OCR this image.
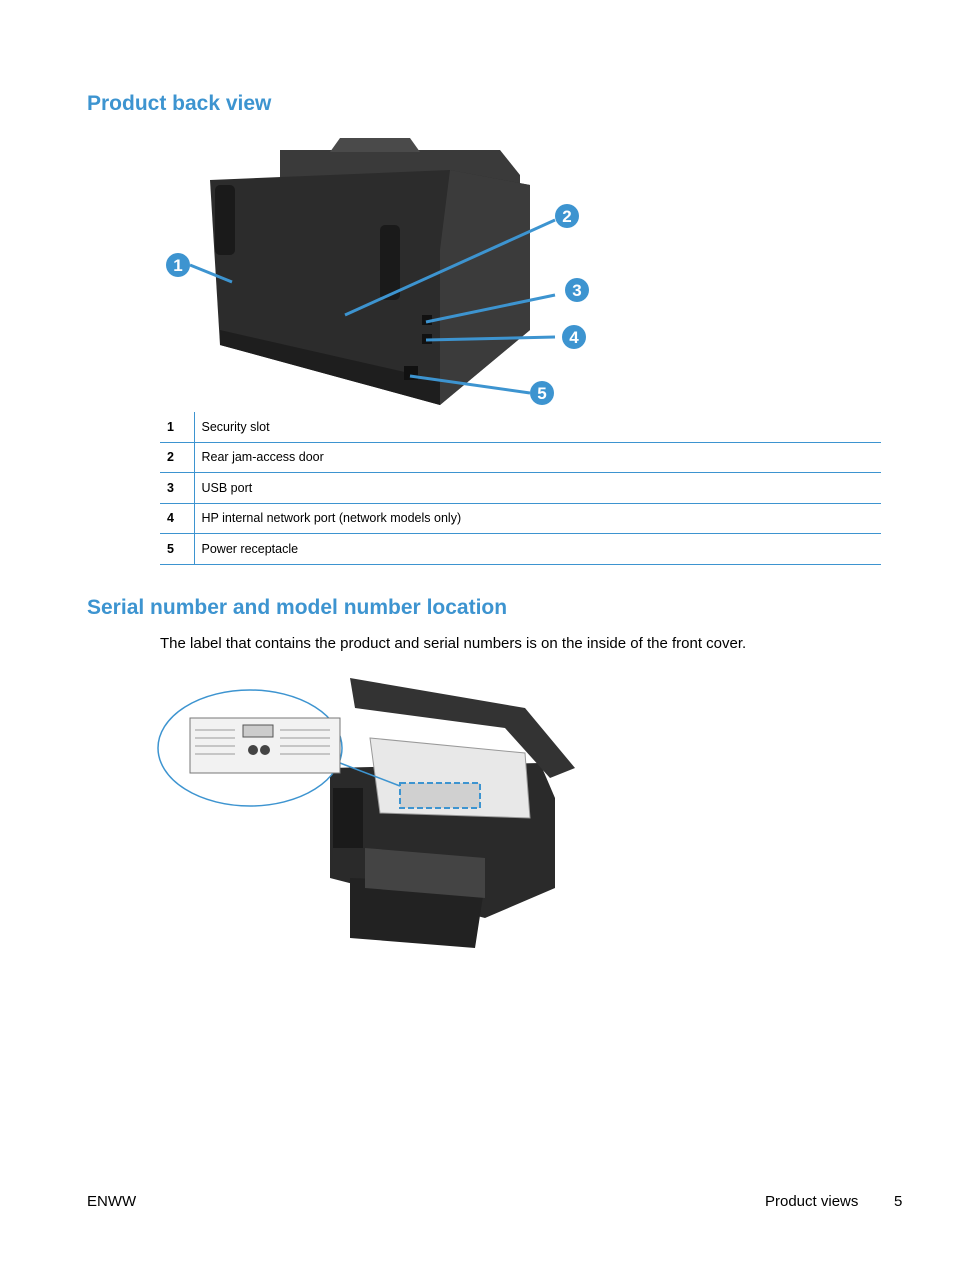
Product back view
1
2
3
4
5
1	Security slot
2	Rear jam-access door
3	USB port
4	HP internal network port (network models only)
5	Power receptacle
Serial number and model number location

The label that contains the product and serial numbers is on the inside of the front cover.

ENWW	Product views 5
